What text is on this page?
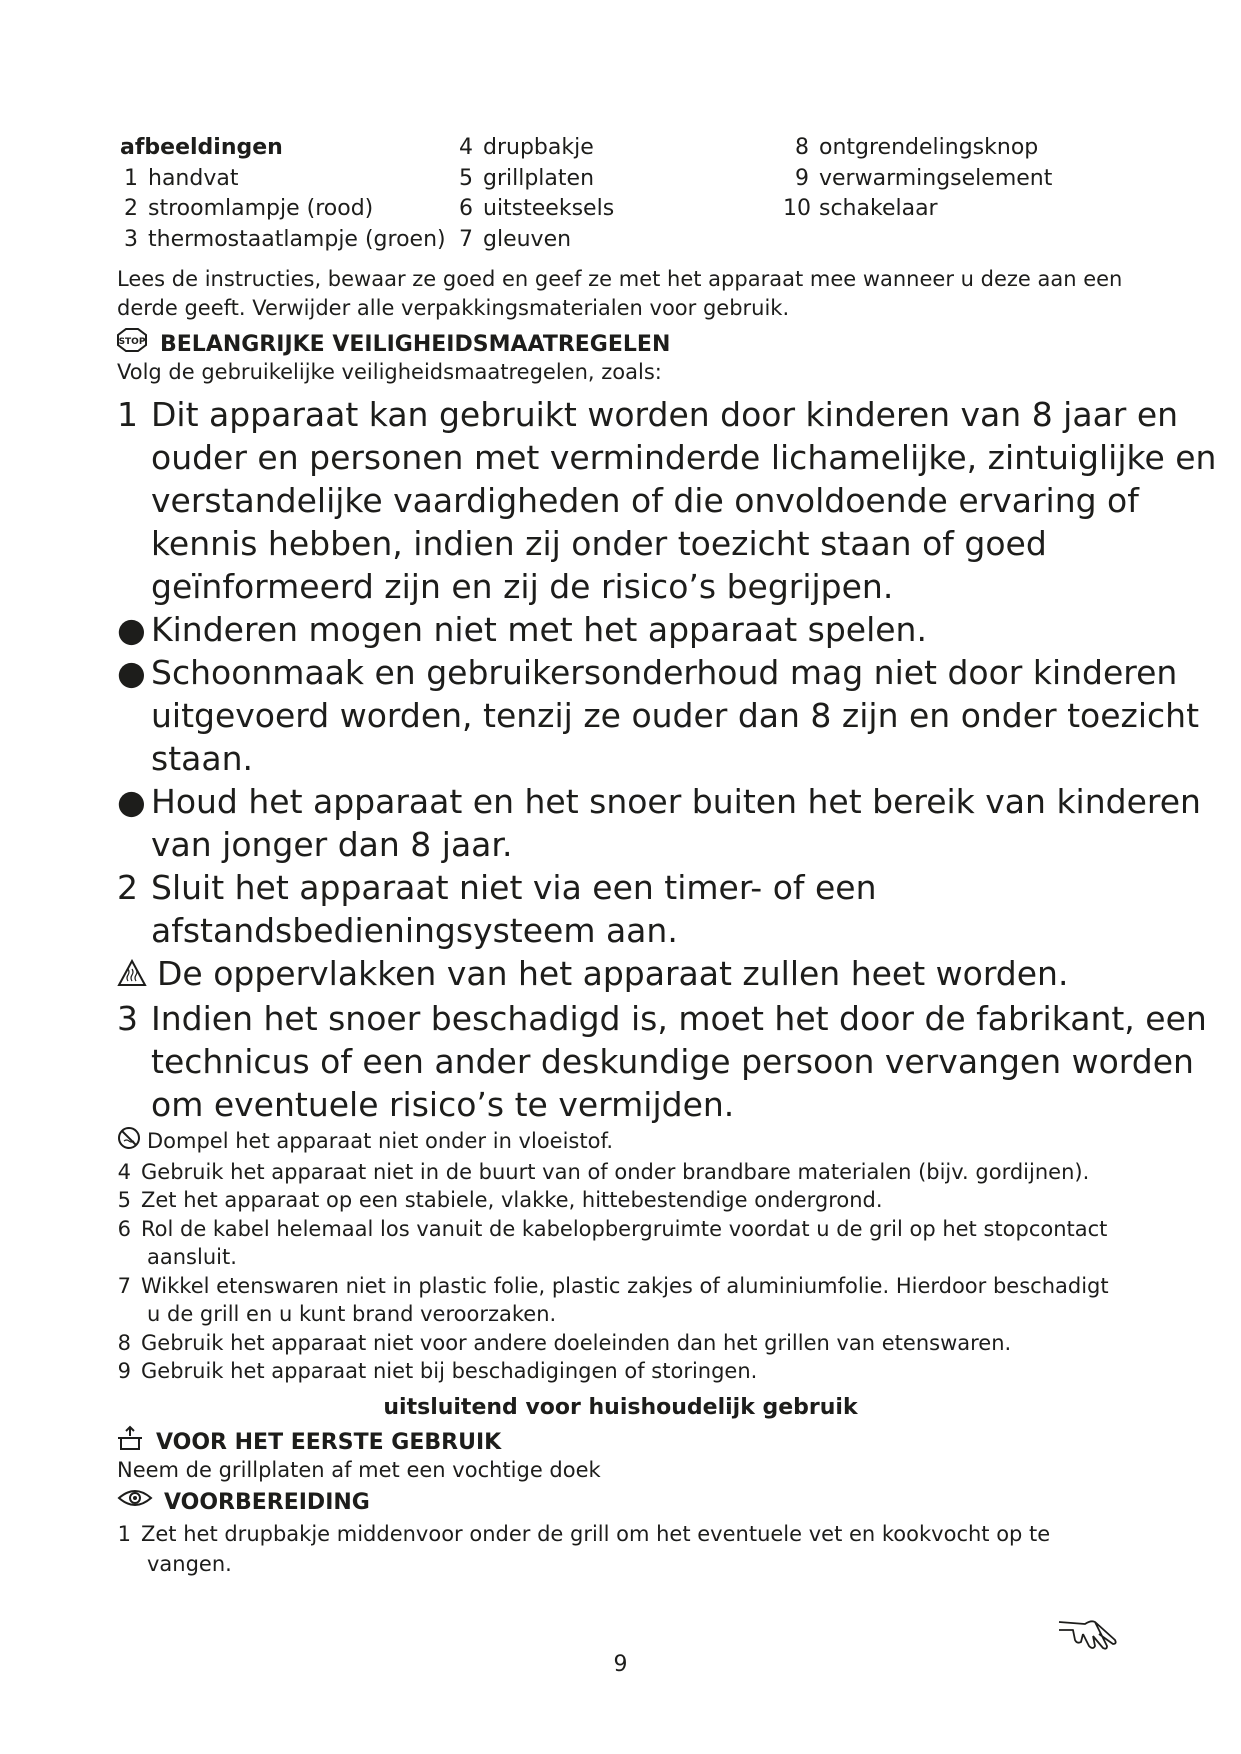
afbeeldingen
1 handvat
2 stroomlampje (rood)
3 thermostaatlampje (groen)
4 drupbakje
5 grillplaten
6 uitsteeksels
7 gleuven
8 ontgrendelingsknop
9 verwarmingselement
10 schakelaar
Lees de instructies, bewaar ze goed en geef ze met het apparaat mee wanneer u deze aan een
derde geeft. Verwijder alle verpakkingsmaterialen voor gebruik.
STOP BELANGRIJKE VEILIGHEIDSMAATREGELEN
Volg de gebruikelijke veiligheidsmaatregelen, zoals:
1 Dit apparaat kan gebruikt worden door kinderen van 8 jaar en
ouder en personen met verminderde lichamelijke, zintuiglijke en
verstandelijke vaardigheden of die onvoldoende ervaring of
kennis hebben, indien zij onder toezicht staan of goed
geïnformeerd zijn en zij de risico’s begrijpen.
● Kinderen mogen niet met het apparaat spelen.
● Schoonmaak en gebruikersonderhoud mag niet door kinderen
uitgevoerd worden, tenzij ze ouder dan 8 zijn en onder toezicht
staan.
● Houd het apparaat en het snoer buiten het bereik van kinderen
van jonger dan 8 jaar.
2 Sluit het apparaat niet via een timer- of een
afstandsbedieningsysteem aan.
De oppervlakken van het apparaat zullen heet worden.
3 Indien het snoer beschadigd is, moet het door de fabrikant, een
technicus of een ander deskundige persoon vervangen worden
om eventuele risico’s te vermijden.
Dompel het apparaat niet onder in vloeistof.
4 Gebruik het apparaat niet in de buurt van of onder brandbare materialen (bijv. gordijnen).
5 Zet het apparaat op een stabiele, vlakke, hittebestendige ondergrond.
6 Rol de kabel helemaal los vanuit de kabelopbergruimte voordat u de gril op het stopcontact
aansluit.
7 Wikkel etenswaren niet in plastic folie, plastic zakjes of aluminiumfolie. Hierdoor beschadigt
u de grill en u kunt brand veroorzaken.
8 Gebruik het apparaat niet voor andere doeleinden dan het grillen van etenswaren.
9 Gebruik het apparaat niet bij beschadigingen of storingen.
uitsluitend voor huishoudelijk gebruik
VOOR HET EERSTE GEBRUIK
Neem de grillplaten af met een vochtige doek
VOORBEREIDING
1 Zet het drupbakje middenvoor onder de grill om het eventuele vet en kookvocht op te
vangen.
9
